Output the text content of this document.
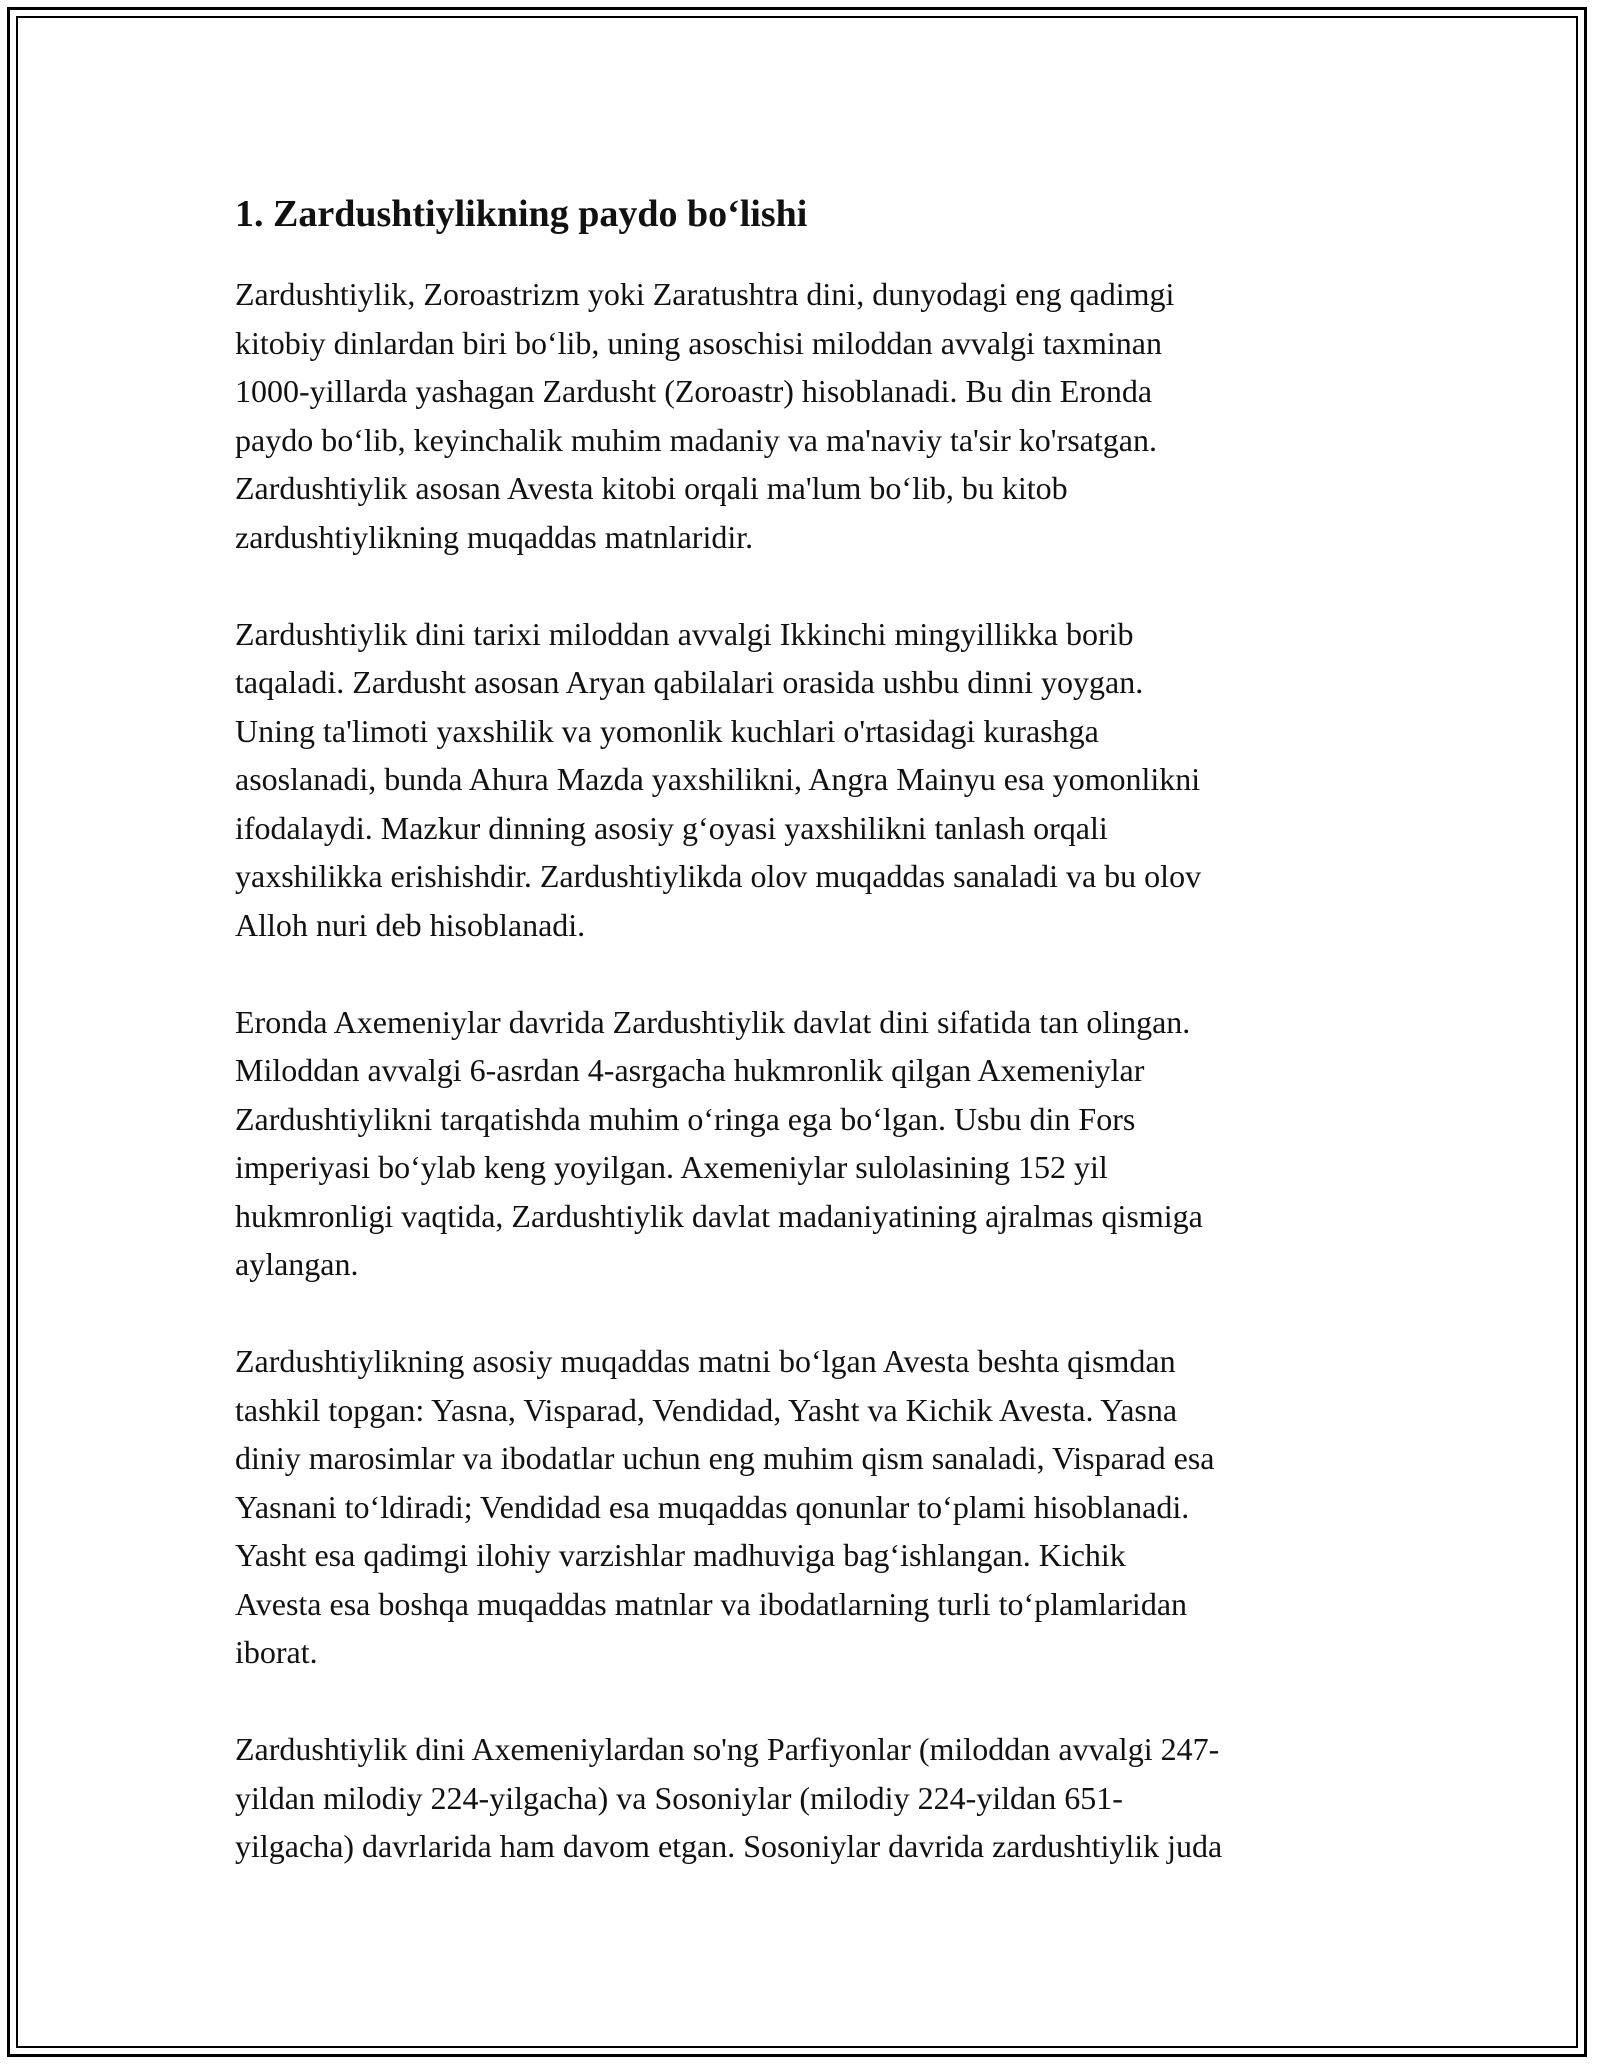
1. Zardushtiylikning paydo bo‘lishi
Zardushtiylik, Zoroastrizm yoki Zaratushtra dini, dunyodagi eng qadimgi
kitobiy dinlardan biri bo‘lib, uning asoschisi miloddan avvalgi taxminan
1000-yillarda yashagan Zardusht (Zoroastr) hisoblanadi. Bu din Eronda
paydo bo‘lib, keyinchalik muhim madaniy va ma'naviy ta'sir ko'rsatgan.
Zardushtiylik asosan Avesta kitobi orqali ma'lum bo‘lib, bu kitob
zardushtiylikning muqaddas matnlaridir.
Zardushtiylik dini tarixi miloddan avvalgi Ikkinchi mingyillikka borib
taqaladi. Zardusht asosan Aryan qabilalari orasida ushbu dinni yoygan.
Uning ta'limoti yaxshilik va yomonlik kuchlari o'rtasidagi kurashga
asoslanadi, bunda Ahura Mazda yaxshilikni, Angra Mainyu esa yomonlikni
ifodalaydi. Mazkur dinning asosiy g‘oyasi yaxshilikni tanlash orqali
yaxshilikka erishishdir. Zardushtiylikda olov muqaddas sanaladi va bu olov
Alloh nuri deb hisoblanadi.
Eronda Axemeniylar davrida Zardushtiylik davlat dini sifatida tan olingan.
Miloddan avvalgi 6-asrdan 4-asrgacha hukmronlik qilgan Axemeniylar
Zardushtiylikni tarqatishda muhim o‘ringa ega bo‘lgan. Usbu din Fors
imperiyasi bo‘ylab keng yoyilgan. Axemeniylar sulolasining 152 yil
hukmronligi vaqtida, Zardushtiylik davlat madaniyatining ajralmas qismiga
aylangan.
Zardushtiylikning asosiy muqaddas matni bo‘lgan Avesta beshta qismdan
tashkil topgan: Yasna, Visparad, Vendidad, Yasht va Kichik Avesta. Yasna
diniy marosimlar va ibodatlar uchun eng muhim qism sanaladi, Visparad esa
Yasnani to‘ldiradi; Vendidad esa muqaddas qonunlar to‘plami hisoblanadi.
Yasht esa qadimgi ilohiy varzishlar madhuviga bag‘ishlangan. Kichik
Avesta esa boshqa muqaddas matnlar va ibodatlarning turli to‘plamlaridan
iborat.
Zardushtiylik dini Axemeniylardan so'ng Parfiyonlar (miloddan avvalgi 247-
yildan milodiy 224-yilgacha) va Sosoniylar (milodiy 224-yildan 651-
yilgacha) davrlarida ham davom etgan. Sosoniylar davrida zardushtiylik juda
